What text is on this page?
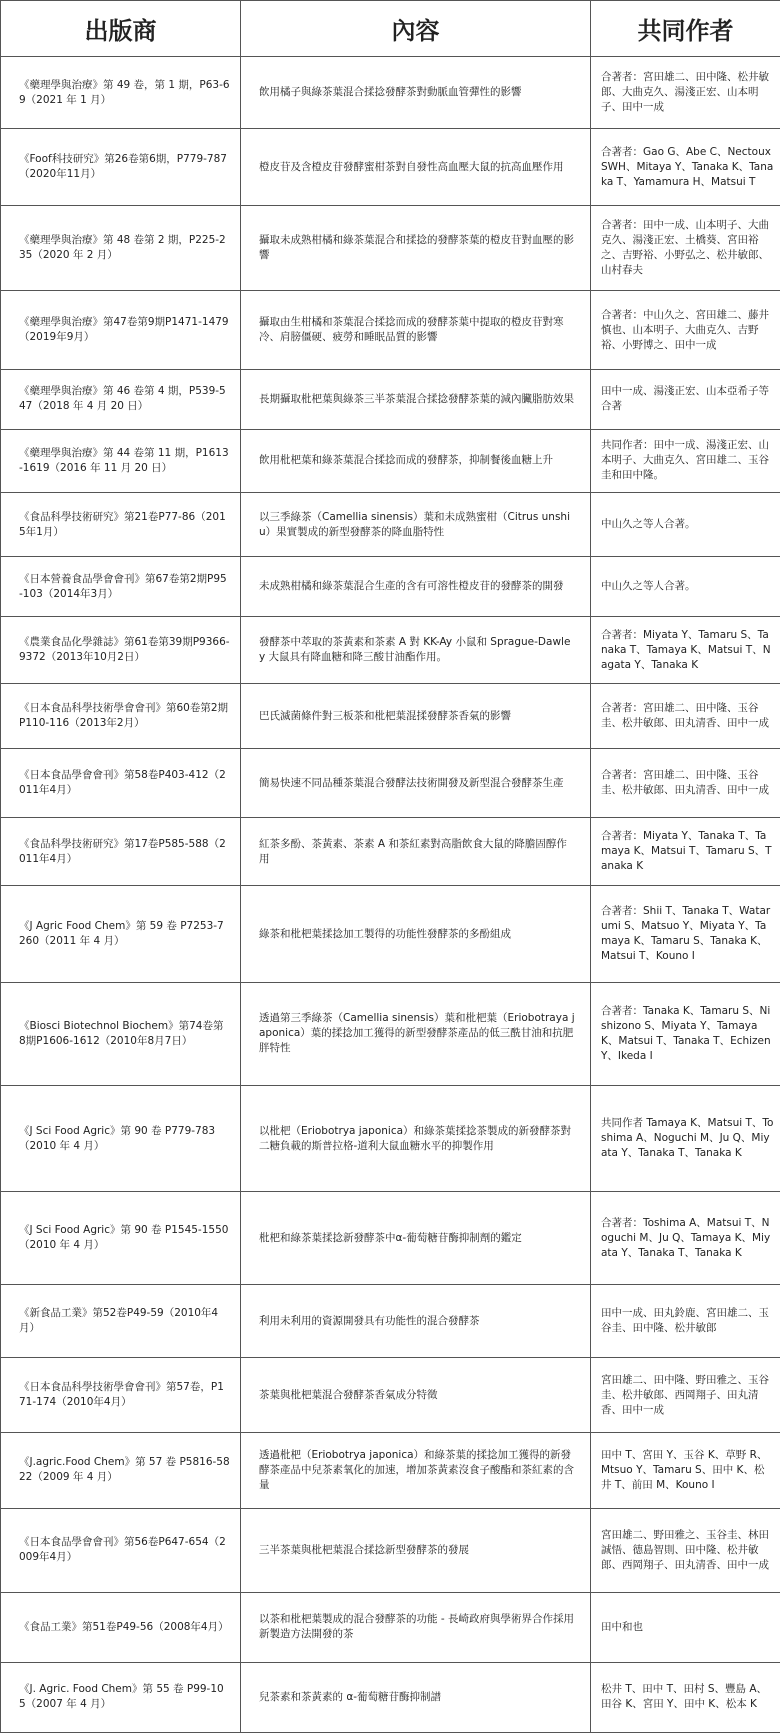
出版商	內容	共同作者
《藥理學與治療》第 49 卷，第 1 期，P63-69（2021 年 1 月）	飲用橘子與綠茶葉混合揉捻發酵茶對動脈血管彈性的影響	合著者：宮田雄二、田中隆、松井敏郎、大曲克久、湯淺正宏、山本明子、田中一成
《Foof科技研究》第26卷第6期，P779-787（2020年11月）	橙皮苷及含橙皮苷發酵蜜柑茶對自發性高血壓大鼠的抗高血壓作用	合著者：Gao G、Abe C、Nectoux SWH、Mitaya Y、Tanaka K、Tanaka T、Yamamura H、Matsui T
《藥理學與治療》第 48 卷第 2 期，P225-235（2020 年 2 月）	攝取未成熟柑橘和綠茶葉混合和揉捻的發酵茶葉的橙皮苷對血壓的影響	合著者：田中一成、山本明子、大曲克久、湯淺正宏、土橋葵、宮田裕之、吉野裕、小野弘之、松井敏郎、山村春夫
《藥理學與治療》第47卷第9期P1471-1479（2019年9月）	攝取由生柑橘和茶葉混合揉捻而成的發酵茶葉中提取的橙皮苷對寒冷、肩膀僵硬、疲勞和睡眠品質的影響	合著者：中山久之、宮田雄二、藤井慎也、山本明子、大曲克久、吉野裕、小野博之、田中一成
《藥理學與治療》第 46 卷第 4 期，P539-547（2018 年 4 月 20 日）	長期攝取枇杷葉與綠茶三半茶葉混合揉捻發酵茶葉的減內臟脂肪效果	田中一成、湯淺正宏、山本亞希子等合著
《藥理學與治療》第 44 卷第 11 期，P1613-1619（2016 年 11 月 20 日）	飲用枇杷葉和綠茶葉混合揉捻而成的發酵茶，抑制餐後血糖上升	共同作者：田中一成、湯淺正宏、山本明子、大曲克久、宮田雄二、玉谷圭和田中隆。
《食品科學技術研究》第21卷P77-86（2015年1月）	以三季綠茶（Camellia sinensis）葉和未成熟蜜柑（Citrus unshiu）果實製成的新型發酵茶的降血脂特性	中山久之等人合著。
《日本營養食品學會會刊》第67卷第2期P95-103（2014年3月）	未成熟柑橘和綠茶葉混合生產的含有可溶性橙皮苷的發酵茶的開發	中山久之等人合著。
《農業食品化學雜誌》第61卷第39期P9366-9372（2013年10月2日）	發酵茶中萃取的茶黃素和茶素 A 對 KK-Ay 小鼠和 Sprague-Dawley 大鼠具有降血糖和降三酸甘油酯作用。	合著者：Miyata Y、Tamaru S、Tanaka T、Tamaya K、Matsui T、Nagata Y、Tanaka K
《日本食品科學技術學會會刊》第60卷第2期P110-116（2013年2月）	巴氏滅菌條件對三板茶和枇杷葉混揉發酵茶香氣的影響	合著者：宮田雄二、田中隆、玉谷圭、松井敏郎、田丸清香、田中一成
《日本食品學會會刊》第58卷P403-412（2011年4月）	簡易快速不同品種茶葉混合發酵法技術開發及新型混合發酵茶生產	合著者：宮田雄二、田中隆、玉谷圭、松井敏郎、田丸清香、田中一成
《食品科學技術研究》第17卷P585-588（2011年4月）	紅茶多酚、茶黃素、茶素 A 和茶紅素對高脂飲食大鼠的降膽固醇作用	合著者：Miyata Y、Tanaka T、Tamaya K、Matsui T、Tamaru S、Tanaka K
《J Agric Food Chem》第 59 卷 P7253-7260（2011 年 4 月）	綠茶和枇杷葉揉捻加工製得的功能性發酵茶的多酚組成	合著者：Shii T、Tanaka T、Watarumi S、Matsuo Y、Miyata Y、Tamaya K、Tamaru S、Tanaka K、Matsui T、Kouno I
《Biosci Biotechnol Biochem》第74卷第8期P1606-1612（2010年8月7日）	透過第三季綠茶（Camellia sinensis）葉和枇杷葉（Eriobotraya japonica）葉的揉捻加工獲得的新型發酵茶產品的低三酰甘油和抗肥胖特性	合著者：Tanaka K、Tamaru S、Nishizono S、Miyata Y、Tamaya K、Matsui T、Tanaka T、Echizen Y、Ikeda I
《J Sci Food Agric》第 90 卷 P779-783（2010 年 4 月）	以枇杷（Eriobotrya japonica）和綠茶葉揉捻茶製成的新發酵茶對二糖負載的斯普拉格-道利大鼠血糖水平的抑製作用	共同作者 Tamaya K、Matsui T、Toshima A、Noguchi M、Ju Q、Miyata Y、Tanaka T、Tanaka K
《J Sci Food Agric》第 90 卷 P1545-1550（2010 年 4 月）	枇杷和綠茶葉揉捻新發酵茶中α-葡萄糖苷酶抑制劑的鑑定	合著者：Toshima A、Matsui T、Noguchi M、Ju Q、Tamaya K、Miyata Y、Tanaka T、Tanaka K
《新食品工業》第52卷P49-59（2010年4月）	利用未利用的資源開發具有功能性的混合發酵茶	田中一成、田丸鈴鹿、宮田雄二、玉谷圭、田中隆、松井敏郎
《日本食品科學技術學會會刊》第57卷，P171-174（2010年4月）	茶葉與枇杷葉混合發酵茶香氣成分特徵	宮田雄二、田中隆、野田雅之、玉谷圭、松井敏郎、西岡翔子、田丸清香、田中一成
《J.agric.Food Chem》第 57 卷 P5816-5822（2009 年 4 月）	透過枇杷（Eriobotrya japonica）和綠茶葉的揉捻加工獲得的新發酵茶產品中兒茶素氧化的加速，增加茶黃素沒食子酸酯和茶紅素的含量	田中 T、宮田 Y、玉谷 K、草野 R、Mtsuo Y、Tamaru S、田中 K、松井 T、前田 M、Kouno I
《日本食品學會會刊》第56卷P647-654（2009年4月）	三半茶葉與枇杷葉混合揉捻新型發酵茶的發展	宮田雄二、野田雅之、玉谷圭、林田誠悟、德島智則、田中隆、松井敏郎、西岡翔子、田丸清香、田中一成
《食品工業》第51卷P49-56（2008年4月）	以茶和枇杷葉製成的混合發酵茶的功能 - 長崎政府與學術界合作採用新製造方法開發的茶	田中和也
《J. Agric. Food Chem》第 55 卷 P99-105（2007 年 4 月）	兒茶素和茶黃素的 α-葡萄糖苷酶抑制譜	松井 T、田中 T、田村 S、豐島 A、田谷 K、宮田 Y、田中 K、松本 K
